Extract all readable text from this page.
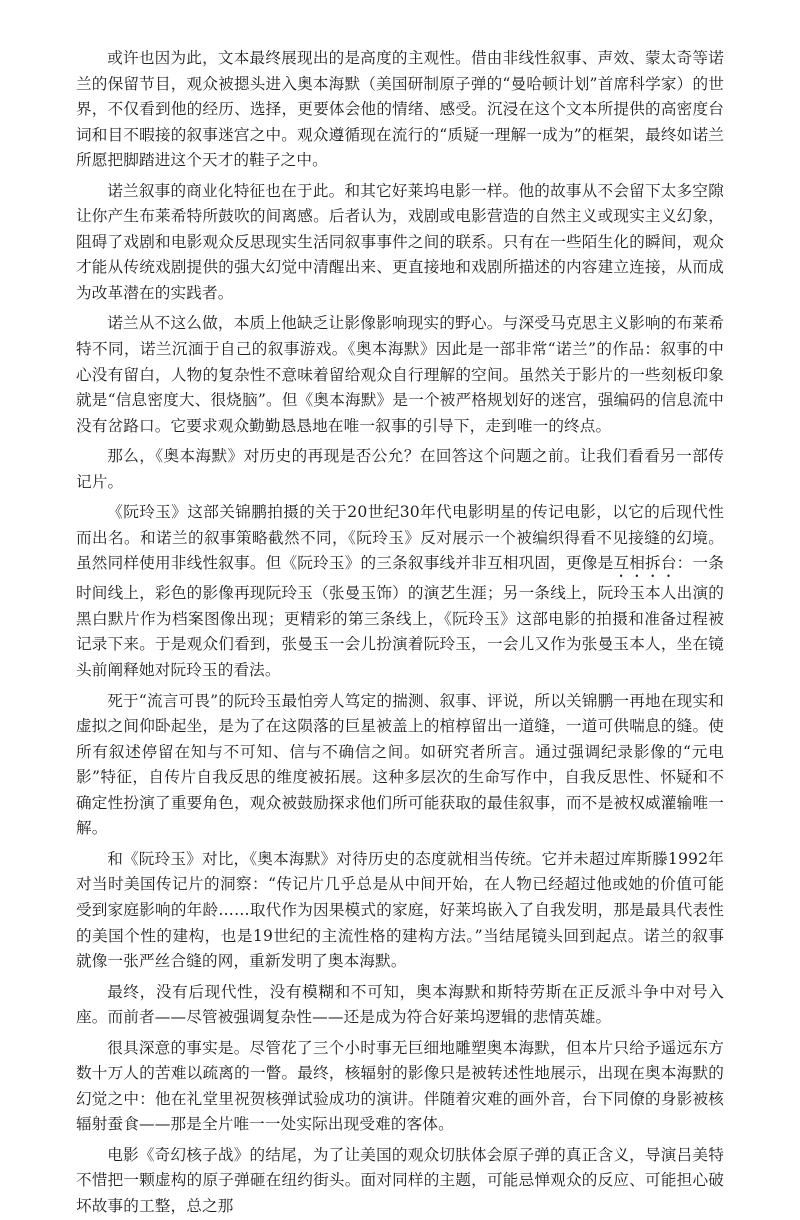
或许也因为此，文本最终展现出的是高度的主观性。借由非线性叙事、声效、蒙太奇等诺兰的保留节目，观众被摁头进入奥本海默（美国研制原子弹的“曼哈顿计划”首席科学家）的世界，不仅看到他的经历、选择，更要体会他的情绪、感受。沉浸在这个文本所提供的高密度台词和目不暇接的叙事迷宫之中。观众遵循现在流行的“质疑一理解一成为”的框架，最终如诺兰所愿把脚踏进这个天才的鞋子之中。

诺兰叙事的商业化特征也在于此。和其它好莱坞电影一样。他的故事从不会留下太多空隙让你产生布莱希特所鼓吹的间离感。后者认为，戏剧或电影营造的自然主义或现实主义幻象，阻碍了戏剧和电影观众反思现实生活同叙事事件之间的联系。只有在一些陌生化的瞬间，观众才能从传统戏剧提供的强大幻觉中清醒出来、更直接地和戏剧所描述的内容建立连接，从而成为改革潜在的实践者。

诺兰从不这么做，本质上他缺乏让影像影响现实的野心。与深受马克思主义影响的布莱希特不同，诺兰沉湎于自己的叙事游戏。《奥本海默》因此是一部非常“诺兰”的作品：叙事的中心没有留白，人物的复杂性不意味着留给观众自行理解的空间。虽然关于影片的一些刻板印象就是“信息密度大、很烧脑”。但《奥本海默》是一个被严格规划好的迷宫，强编码的信息流中没有岔路口。它要求观众勤勤恳恳地在唯一叙事的引导下，走到唯一的终点。

那么，《奥本海默》对历史的再现是否公允？在回答这个问题之前。让我们看看另一部传记片。

《阮玲玉》这部关锦鹏拍摄的关于20世纪30年代电影明星的传记电影，以它的后现代性而出名。和诺兰的叙事策略截然不同，《阮玲玉》反对展示一个被编织得看不见接缝的幻境。虽然同样使用非线性叙事。但《阮玲玉》的三条叙事线并非互相巩固，更像是互相拆台：一条时间线上，彩色的影像再现阮玲玉（张曼玉饰）的演艺生涯；另一条线上，阮玲玉本人出演的黑白默片作为档案图像出现；更精彩的第三条线上，《阮玲玉》这部电影的拍摄和准备过程被记录下来。于是观众们看到，张曼玉一会儿扮演着阮玲玉，一会儿又作为张曼玉本人，坐在镜头前阐释她对阮玲玉的看法。

死于“流言可畏”的阮玲玉最怕旁人笃定的揣测、叙事、评说，所以关锦鹏一再地在现实和虚拟之间仰卧起坐，是为了在这陨落的巨星被盖上的棺椁留出一道缝，一道可供喘息的缝。使所有叙述停留在知与不可知、信与不确信之间。如研究者所言。通过强调纪录影像的“元电影”特征，自传片自我反思的维度被拓展。这种多层次的生命写作中，自我反思性、怀疑和不确定性扮演了重要角色，观众被鼓励探求他们所可能获取的最佳叙事，而不是被权威灌输唯一解。

和《阮玲玉》对比，《奥本海默》对待历史的态度就相当传统。它并未超过库斯滕1992年对当时美国传记片的洞察：“传记片几乎总是从中间开始，在人物已经超过他或她的价值可能受到家庭影响的年龄……取代作为因果模式的家庭，好莱坞嵌入了自我发明，那是最具代表性的美国个性的建构，也是19世纪的主流性格的建构方法。”当结尾镜头回到起点。诺兰的叙事就像一张严丝合缝的网，重新发明了奥本海默。

最终，没有后现代性，没有模糊和不可知，奥本海默和斯特劳斯在正反派斗争中对号入座。而前者——尽管被强调复杂性——还是成为符合好莱坞逻辑的悲情英雄。

很具深意的事实是。尽管花了三个小时事无巨细地雕塑奥本海默，但本片只给予遥远东方数十万人的苦难以疏离的一瞥。最终，核辐射的影像只是被转述性地展示，出现在奥本海默的幻觉之中：他在礼堂里祝贺核弹试验成功的演讲。伴随着灾难的画外音，台下同僚的身影被核辐射蚕食——那是全片唯一一处实际出现受难的客体。

电影《奇幻核子战》的结尾，为了让美国的观众切肤体会原子弹的真正含义，导演吕美特不惜把一颗虚构的原子弹砸在纽约街头。面对同样的主题，可能忌惮观众的反应、可能担心破坏故事的工整，总之那
